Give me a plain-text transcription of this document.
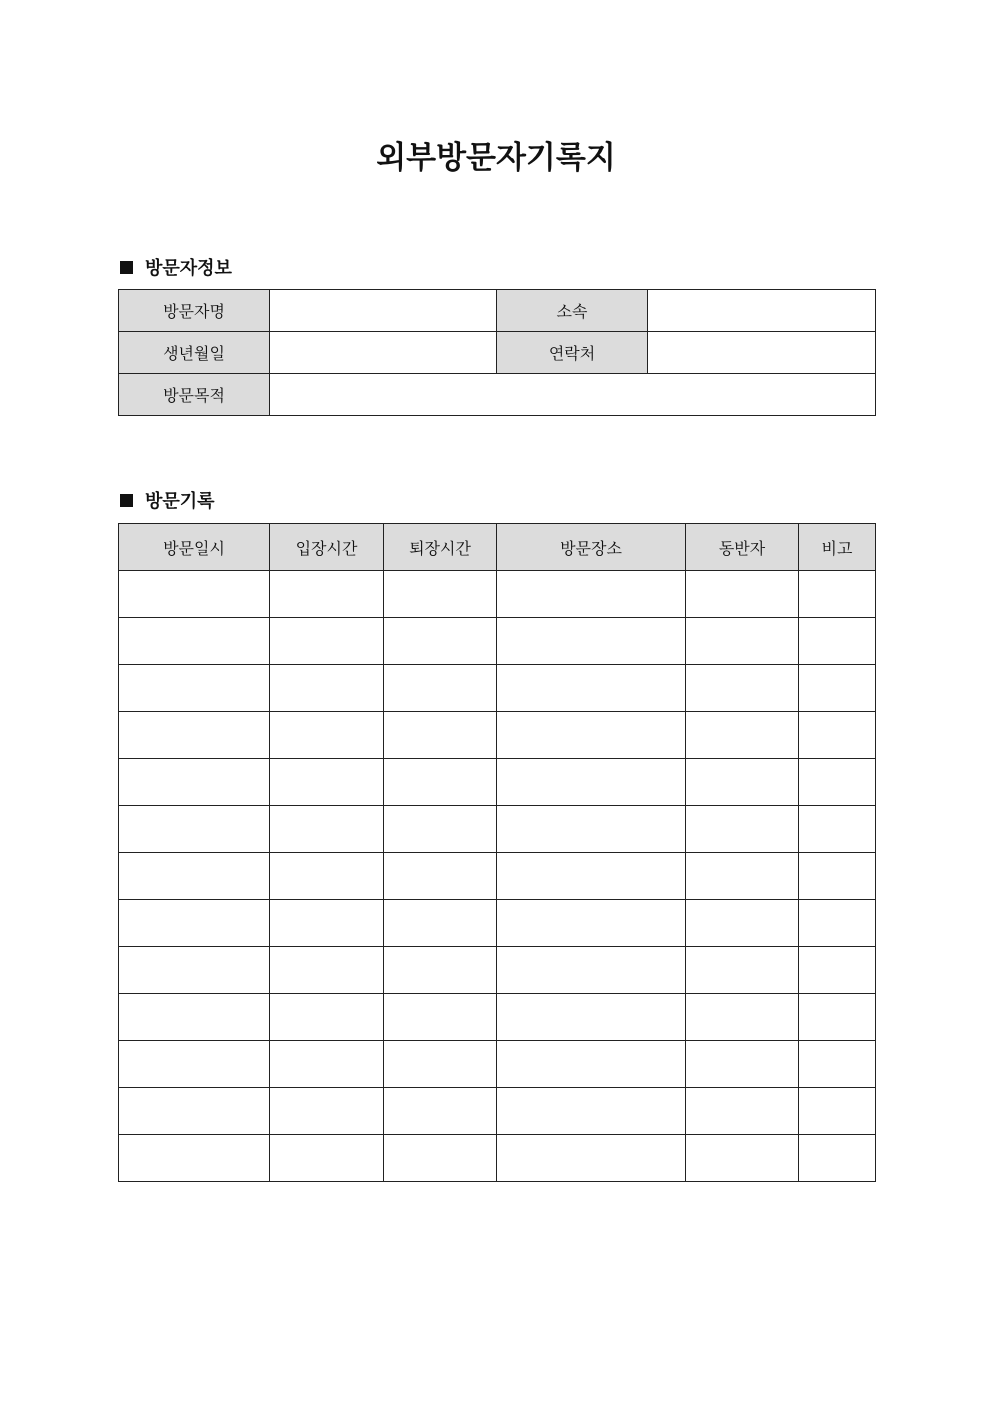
외부방문자기록지
방문자정보
방문자명		소속	
생년월일		연락처	
방문목적			
방문기록
방문일시	입장시간	퇴장시간	방문장소	동반자	비고
